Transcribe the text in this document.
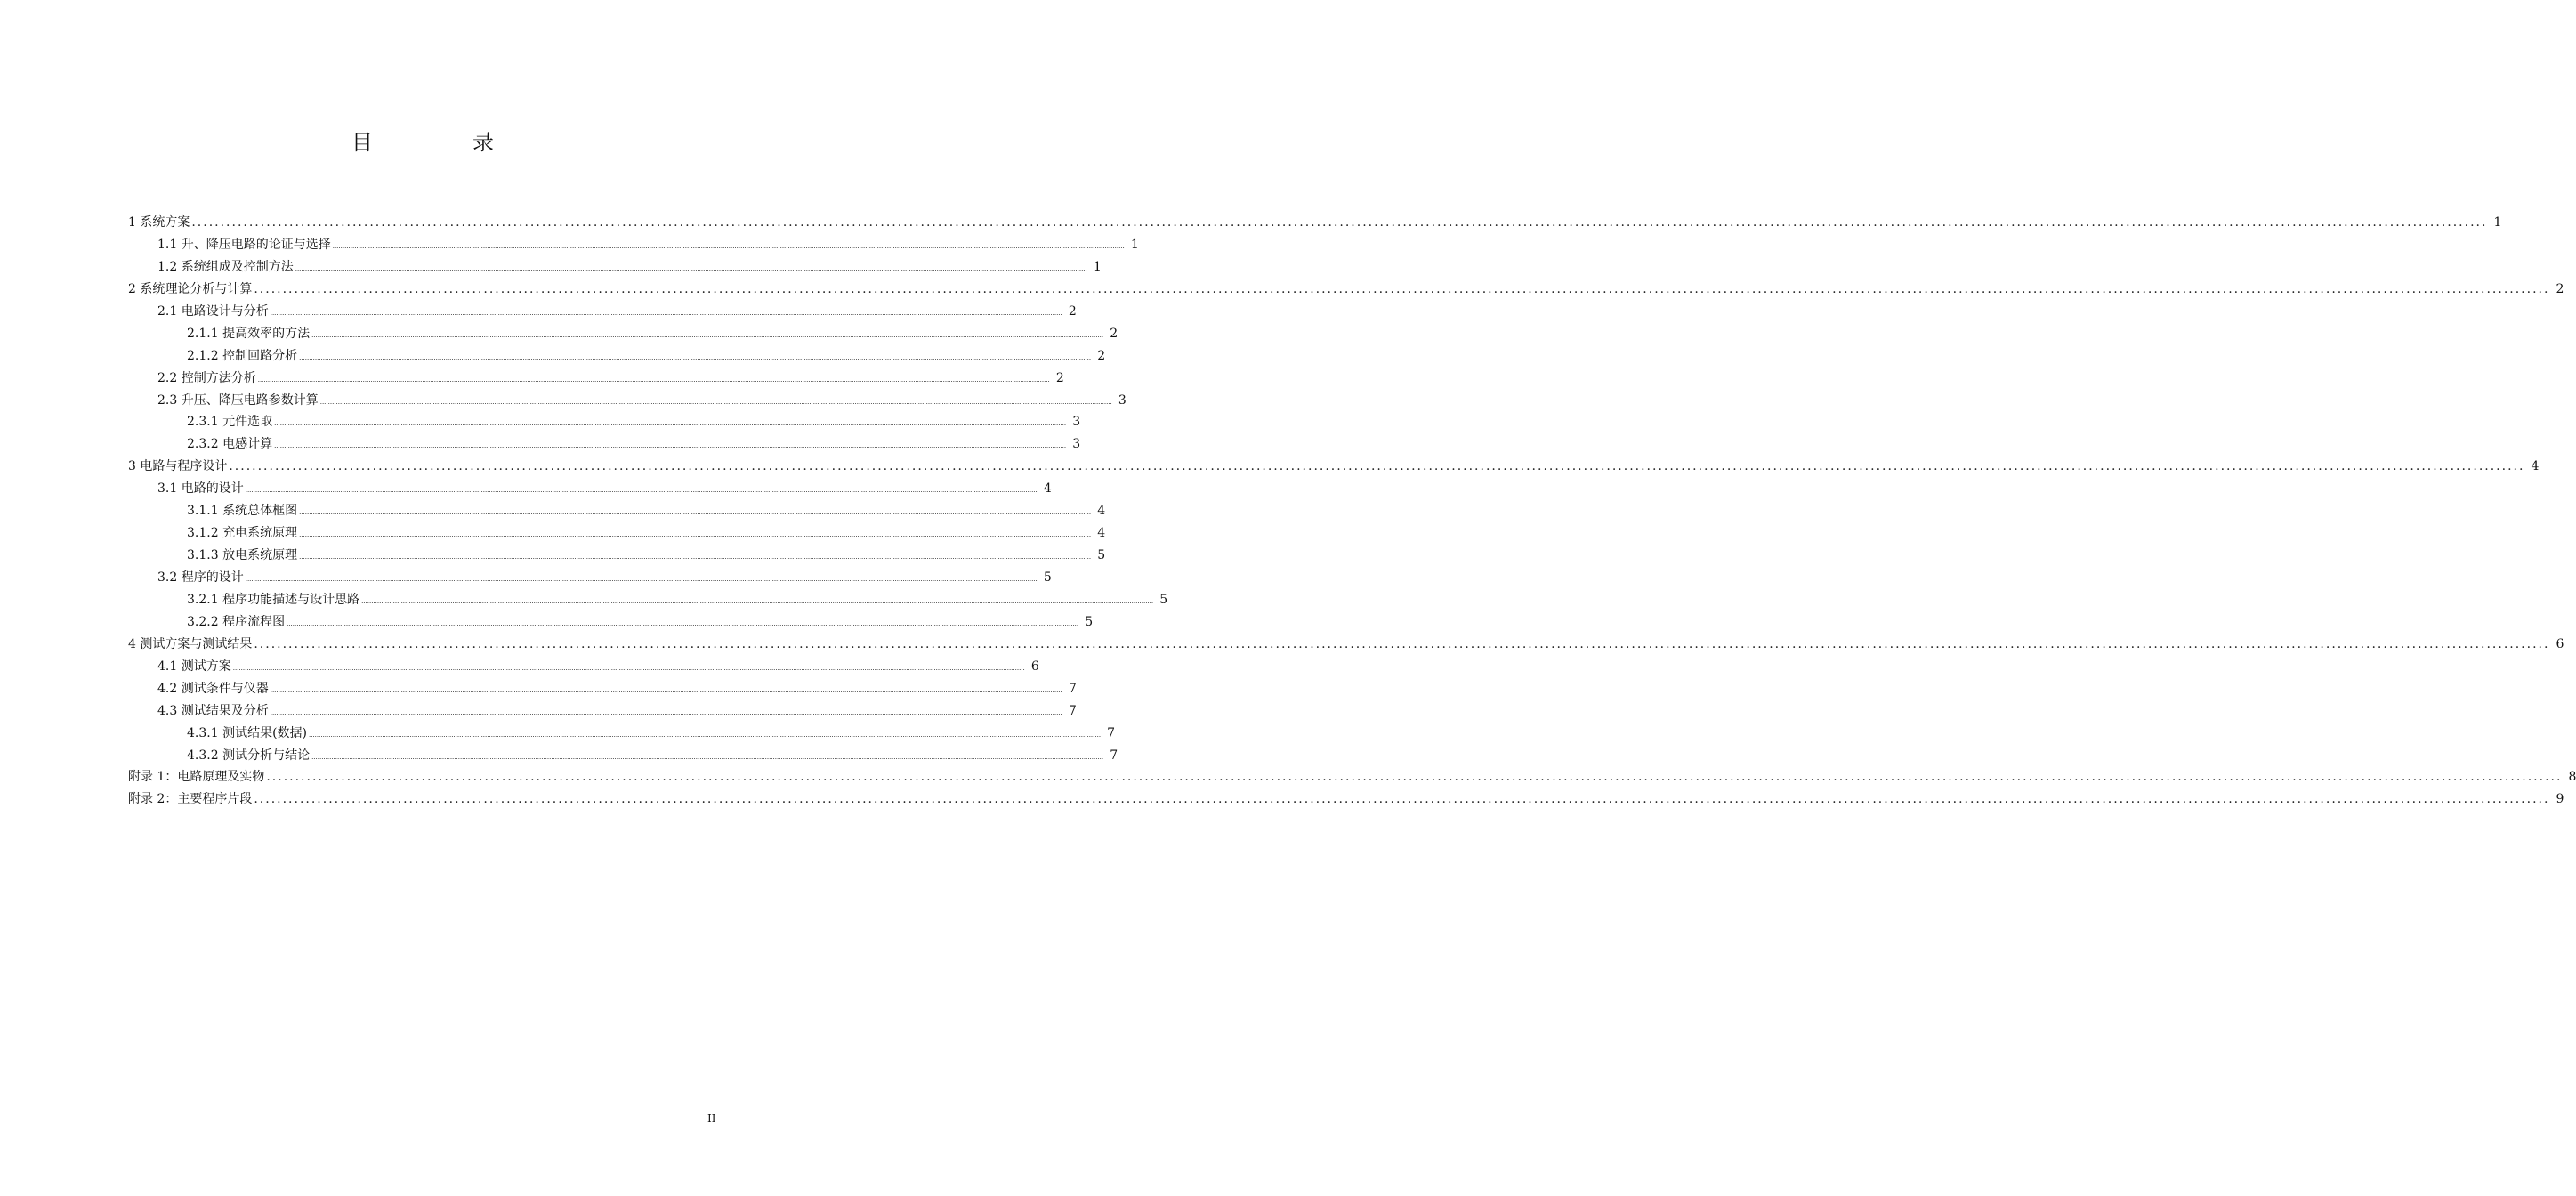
目　录
1 系统方案 ................................................................................................................................................................................................................................................................................................................................................................................................................ 1
1.1 升、降压电路的论证与选择 ................................................................................................................................................................................................................................................................................................................................................................................................................ 1
1.2 系统组成及控制方法 ................................................................................................................................................................................................................................................................................................................................................................................................................ 1
2 系统理论分析与计算 ................................................................................................................................................................................................................................................................................................................................................................................................................ 2
2.1 电路设计与分析 ................................................................................................................................................................................................................................................................................................................................................................................................................ 2
2.1.1 提高效率的方法 ................................................................................................................................................................................................................................................................................................................................................................................................................ 2
2.1.2 控制回路分析 ................................................................................................................................................................................................................................................................................................................................................................................................................ 2
2.2 控制方法分析 ................................................................................................................................................................................................................................................................................................................................................................................................................ 2
2.3 升压、降压电路参数计算 ................................................................................................................................................................................................................................................................................................................................................................................................................ 3
2.3.1 元件选取 ................................................................................................................................................................................................................................................................................................................................................................................................................ 3
2.3.2 电感计算 ................................................................................................................................................................................................................................................................................................................................................................................................................ 3
3 电路与程序设计 ................................................................................................................................................................................................................................................................................................................................................................................................................ 4
3.1 电路的设计 ................................................................................................................................................................................................................................................................................................................................................................................................................ 4
3.1.1 系统总体框图 ................................................................................................................................................................................................................................................................................................................................................................................................................ 4
3.1.2 充电系统原理 ................................................................................................................................................................................................................................................................................................................................................................................................................ 4
3.1.3 放电系统原理 ................................................................................................................................................................................................................................................................................................................................................................................................................ 5
3.2 程序的设计 ................................................................................................................................................................................................................................................................................................................................................................................................................ 5
3.2.1 程序功能描述与设计思路 ................................................................................................................................................................................................................................................................................................................................................................................................................ 5
3.2.2 程序流程图 ................................................................................................................................................................................................................................................................................................................................................................................................................ 5
4 测试方案与测试结果 ................................................................................................................................................................................................................................................................................................................................................................................................................ 6
4.1 测试方案 ................................................................................................................................................................................................................................................................................................................................................................................................................ 6
4.2 测试条件与仪器 ................................................................................................................................................................................................................................................................................................................................................................................................................ 7
4.3 测试结果及分析 ................................................................................................................................................................................................................................................................................................................................................................................................................ 7
4.3.1 测试结果(数据) ................................................................................................................................................................................................................................................................................................................................................................................................................ 7
4.3.2 测试分析与结论 ................................................................................................................................................................................................................................................................................................................................................................................................................ 7
附录 1：电路原理及实物 ................................................................................................................................................................................................................................................................................................................................................................................................................ 8
附录 2：主要程序片段 ................................................................................................................................................................................................................................................................................................................................................................................................................ 9
II
